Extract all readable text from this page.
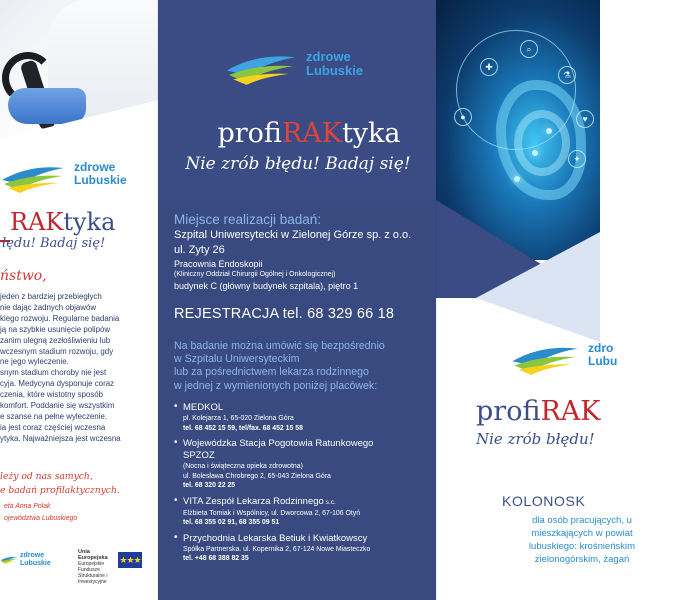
zdrowe
Lubuskie
RAKtyka
łędu! Badaj się!
ństwo,

jeden z bardziej przebiegłych

nie dając żadnych objawów

kiego rozwoju. Regularne badania

ją na szybkie usunięcie polipów

zanim ulegną zezłośliwieniu lub

wczesnym stadium rozwoju, gdy

ne jego wyleczenie.

snym stadium choroby nie jest

cyja. Medycyna dysponuje coraz

czenia, które wistotny sposób

komfort. Poddanie się wszystkim

e szanse na pełne wyleczenie.

ia jest coraz częściej wczesna

ytyka. Najważniejsza jest wczesna

leży od nas samych,
e badań profilaktycznych.
eta Anna Polak
ojewództwa Lubuskiego
zdrowe
Lubuskie
Unia Europejska
Europejskie Fundusze
Strukturalne i Inwestycyjne
★★★
zdrowe
Lubuskie
profiRAKtyka
Nie zrób błędu! Badaj się!
Miejsce realizacji badań:
Szpital Uniwersytecki w Zielonej Górze sp. z o.o.
ul. Zyty 26
Pracownia Endoskopii
(Kliniczny Oddział Chirurgii Ogólnej i Onkologicznej)
budynek C (główny budynek szpitala), piętro 1
REJESTRACJA tel. 68 329 66 18
Na badanie można umówić się bezpośrednio
w Szpitalu Uniwersyteckim
lub za pośrednictwem lekarza rodzinnego
w jednej z wymienionych poniżej placówek:
• MEDKOL
pl. Kolejarza 1, 65-020 Zielona Góra
tel. 68 452 15 59, tel/fax. 68 452 15 58
• Wojewódzka Stacja Pogotowia Ratunkowego
SPZOZ
(Nocna i świąteczna opieka zdrowotna)
ul. Bolesława Chrobrego 2, 65-043 Zielona Góra
tel. 68 320 22 25
• VITA Zespół Lekarza Rodzinnego s.c.
Elżbieta Tomiak i Wspólnicy, ul. Dworcowa 2, 67-106 Otyń
tel. 68 355 02 91, 68 355 09 51
• Przychodnia Lekarska Betiuk i Kwiatkowscy
Spółka Partnerska. ul. Kopernika 2, 67-124 Nowe Miasteczko
tel. +48 68 388 82 35
✚
⌕
⚗
♥
●
✦
zdro
Lubu
profiRAK
Nie zrób błędu!
KOLONOSK
dla osób pracujących, u
mieszkających w powiat
lubuskiego: krośnieńskim
zielonogórskim, żagań
